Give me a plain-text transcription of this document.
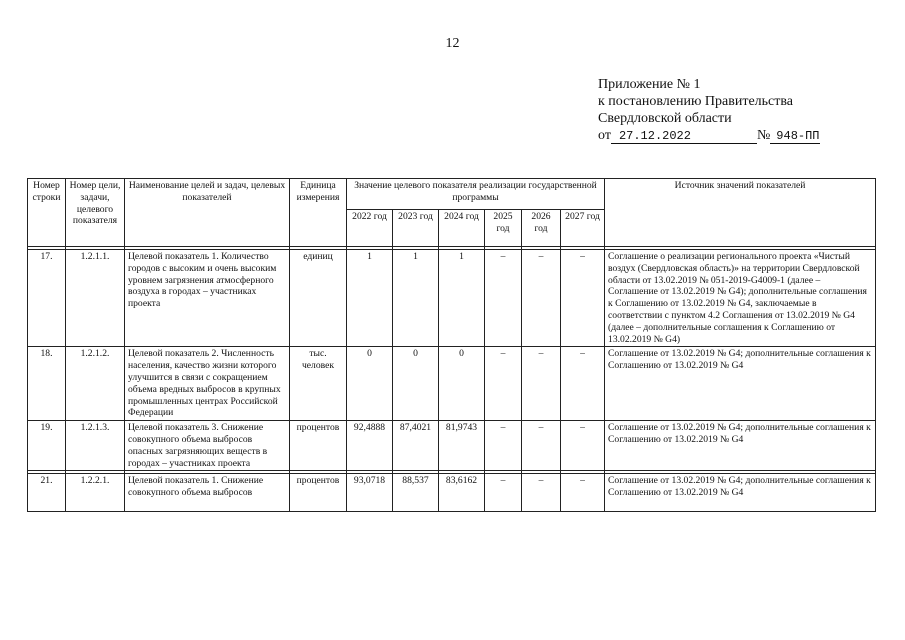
12
Приложение № 1
к постановлению Правительства
Свердловской области
от 27.12.2022	№ 948-ПП
Номер строки	Номер цели, задачи, целевого показателя	Наименование целей и задач, целевых показателей	Единица измерения	Значение целевого показателя реализации государственной программы						Источник значений показателей
				2022 год	2023 год	2024 год	2025 год	2026 год	2027 год	

17.	1.2.1.1.	Целевой показатель 1. Количество городов с высоким и очень высоким уровнем загрязнения атмосферного воздуха в городах – участниках проекта	единиц	1	1	1	–	–	–	Соглашение о реализации регионального проекта «Чистый воздух (Свердловская область)» на территории Свердловской области от 13.02.2019 № 051-2019-G4009-1 (далее – Соглашение от 13.02.2019 № G4); дополнительные соглашения к Соглашению от 13.02.2019 № G4, заключаемые в соответствии с пунктом 4.2 Соглашения от 13.02.2019 № G4 (далее – дополнительные соглашения к Соглашению от 13.02.2019 № G4)
18.	1.2.1.2.	Целевой показатель 2. Численность населения, качество жизни которого улучшится в связи с сокращением объема вредных выбросов в крупных промышленных центрах Российской Федерации	тыс. человек	0	0	0	–	–	–	Соглашение от 13.02.2019 № G4; дополнительные соглашения к Соглашению от 13.02.2019 № G4
19.	1.2.1.3.	Целевой показатель 3. Снижение совокупного объема выбросов опасных загрязняющих веществ в городах – участниках проекта	процентов	92,4888	87,4021	81,9743	–	–	–	Соглашение от 13.02.2019 № G4; дополнительные соглашения к Соглашению от 13.02.2019 № G4

21.	1.2.2.1.	Целевой показатель 1. Снижение совокупного объема выбросов	процентов	93,0718	88,537	83,6162	–	–	–	Соглашение от 13.02.2019 № G4; дополнительные соглашения к Соглашению от 13.02.2019 № G4
